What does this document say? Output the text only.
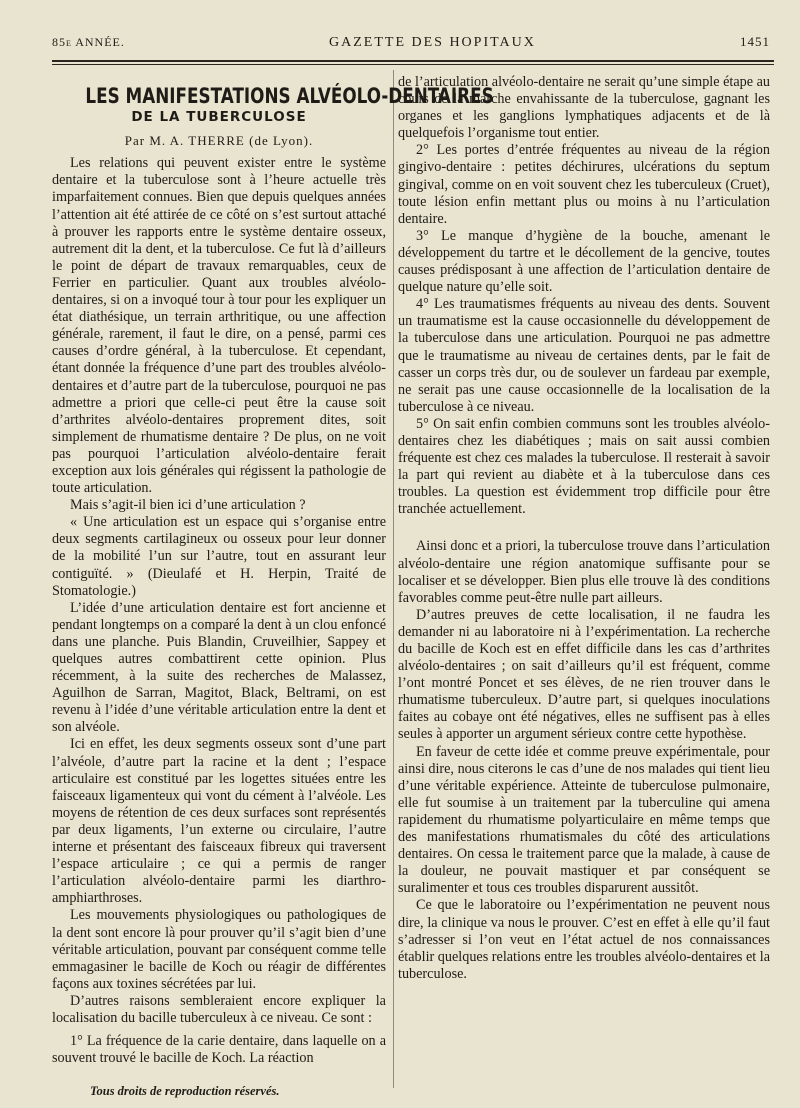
85e ANNÉE.	GAZETTE DES HOPITAUX	1451
LES MANIFESTATIONS ALVÉOLO-DENTAIRES
DE LA TUBERCULOSE
Par M. A. THERRE (de Lyon).

Les relations qui peuvent exister entre le système dentaire et la tuberculose sont à l’heure actuelle très imparfaitement connues. Bien que depuis quelques années l’attention ait été attirée de ce côté on s’est surtout attaché à prouver les rapports entre le système dentaire osseux, autrement dit la dent, et la tuberculose. Ce fut là d’ailleurs le point de départ de travaux remarquables, ceux de Ferrier en particulier. Quant aux troubles alvéolo-dentaires, si on a invoqué tour à tour pour les expliquer un état diathésique, un terrain arthritique, ou une affection générale, rarement, il faut le dire, on a pensé, parmi ces causes d’ordre général, à la tuberculose. Et cependant, étant donnée la fréquence d’une part des troubles alvéolo-dentaires et d’autre part de la tuberculose, pourquoi ne pas admettre a priori que celle-ci peut être la cause soit d’arthrites alvéolo-dentaires proprement dites, soit simplement de rhumatisme dentaire ? De plus, on ne voit pas pourquoi l’articulation alvéolo-dentaire ferait exception aux lois générales qui régissent la pathologie de toute articulation.

Mais s’agit-il bien ici d’une articulation ?

« Une articulation est un espace qui s’organise entre deux segments cartilagineux ou osseux pour leur donner de la mobilité l’un sur l’autre, tout en assurant leur contiguïté. » (Dieulafé et H. Herpin, Traité de Stomatologie.)

L’idée d’une articulation dentaire est fort ancienne et pendant longtemps on a comparé la dent à un clou enfoncé dans une planche. Puis Blandin, Cruveilhier, Sappey et quelques autres combattirent cette opinion. Plus récemment, à la suite des recherches de Malassez, Aguilhon de Sarran, Magitot, Black, Beltrami, on est revenu à l’idée d’une véritable articulation entre la dent et son alvéole.

Ici en effet, les deux segments osseux sont d’une part l’alvéole, d’autre part la racine et la dent ; l’espace articulaire est constitué par les logettes situées entre les faisceaux ligamenteux qui vont du cément à l’alvéole. Les moyens de rétention de ces deux surfaces sont représentés par deux ligaments, l’un externe ou circulaire, l’autre interne et présentant des faisceaux fibreux qui traversent l’espace articulaire ; ce qui a permis de ranger l’articulation alvéolo-dentaire parmi les diarthro-amphiarthroses.

Les mouvements physiologiques ou pathologiques de la dent sont encore là pour prouver qu’il s’agit bien d’une véritable articulation, pouvant par conséquent comme telle emmagasiner le bacille de Koch ou réagir de différentes façons aux toxines sécrétées par lui.

D’autres raisons sembleraient encore expliquer la localisation du bacille tuberculeux à ce niveau. Ce sont :

1° La fréquence de la carie dentaire, dans laquelle on a souvent trouvé le bacille de Koch. La réaction

de l’articulation alvéolo-dentaire ne serait qu’une simple étape au cours de la marche envahissante de la tuberculose, gagnant les organes et les ganglions lymphatiques adjacents et de là quelquefois l’organisme tout entier.

2° Les portes d’entrée fréquentes au niveau de la région gingivo-dentaire : petites déchirures, ulcérations du septum gingival, comme on en voit souvent chez les tuberculeux (Cruet), toute lésion enfin mettant plus ou moins à nu l’articulation dentaire.

3° Le manque d’hygiène de la bouche, amenant le développement du tartre et le décollement de la gencive, toutes causes prédisposant à une affection de l’articulation dentaire de quelque nature qu’elle soit.

4° Les traumatismes fréquents au niveau des dents. Souvent un traumatisme est la cause occasionnelle du développement de la tuberculose dans une articulation. Pourquoi ne pas admettre que le traumatisme au niveau de certaines dents, par le fait de casser un corps très dur, ou de soulever un fardeau par exemple, ne serait pas une cause occasionnelle de la localisation de la tuberculose à ce niveau.

5° On sait enfin combien communs sont les troubles alvéolo-dentaires chez les diabétiques ; mais on sait aussi combien fréquente est chez ces malades la tuberculose. Il resterait à savoir la part qui revient au diabète et à la tuberculose dans ces troubles. La question est évidemment trop difficile pour être tranchée actuellement.

Ainsi donc et a priori, la tuberculose trouve dans l’articulation alvéolo-dentaire une région anatomique suffisante pour se localiser et se développer. Bien plus elle trouve là des conditions favorables comme peut-être nulle part ailleurs.

D’autres preuves de cette localisation, il ne faudra les demander ni au laboratoire ni à l’expérimentation. La recherche du bacille de Koch est en effet difficile dans les cas d’arthrites alvéolo-dentaires ; on sait d’ailleurs qu’il est fréquent, comme l’ont montré Poncet et ses élèves, de ne rien trouver dans le rhumatisme tuberculeux. D’autre part, si quelques inoculations faites au cobaye ont été négatives, elles ne suffisent pas à elles seules à apporter un argument sérieux contre cette hypothèse.

En faveur de cette idée et comme preuve expérimentale, pour ainsi dire, nous citerons le cas d’une de nos malades qui tient lieu d’une véritable expérience. Atteinte de tuberculose pulmonaire, elle fut soumise à un traitement par la tuberculine qui amena rapidement du rhumatisme polyarticulaire en même temps que des manifestations rhumatismales du côté des articulations dentaires. On cessa le traitement parce que la malade, à cause de la douleur, ne pouvait mastiquer et par conséquent se suralimenter et tous ces troubles disparurent aussitôt.

Ce que le laboratoire ou l’expérimentation ne peuvent nous dire, la clinique va nous le prouver. C’est en effet à elle qu’il faut s’adresser si l’on veut en l’état actuel de nos connaissances établir quelques relations entre les troubles alvéolo-dentaires et la tuberculose.

Tous droits de reproduction réservés.
